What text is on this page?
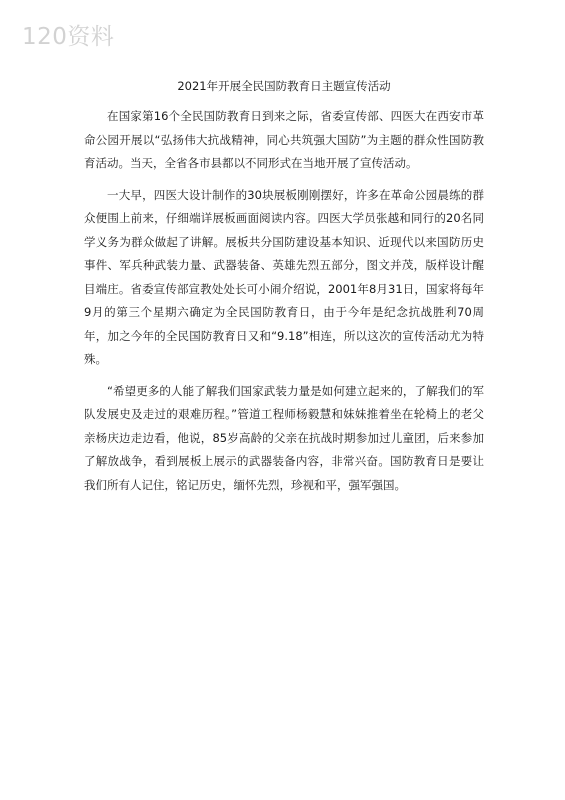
120资料
2021年开展全民国防教育日主题宣传活动

在国家第16个全民国防教育日到来之际，省委宣传部、四医大在西安市革命公园开展以“弘扬伟大抗战精神，同心共筑强大国防”为主题的群众性国防教育活动。当天，全省各市县都以不同形式在当地开展了宣传活动。

一大早，四医大设计制作的30块展板刚刚摆好，许多在革命公园晨练的群众便围上前来，仔细端详展板画面阅读内容。四医大学员张越和同行的20名同学义务为群众做起了讲解。展板共分国防建设基本知识、近现代以来国防历史事件、军兵种武装力量、武器装备、英雄先烈五部分，图文并茂，版样设计醒目端庄。省委宣传部宣教处处长可小闹介绍说，2001年8月31日，国家将每年9月的第三个星期六确定为全民国防教育日，由于今年是纪念抗战胜利70周年，加之今年的全民国防教育日又和“9.18”相连，所以这次的宣传活动尤为特殊。

“希望更多的人能了解我们国家武装力量是如何建立起来的，了解我们的军队发展史及走过的艰难历程。”管道工程师杨毅慧和妹妹推着坐在轮椅上的老父亲杨庆边走边看，他说，85岁高龄的父亲在抗战时期参加过儿童团，后来参加了解放战争，看到展板上展示的武器装备内容，非常兴奋。国防教育日是要让我们所有人记住，铭记历史，缅怀先烈，珍视和平，强军强国。
